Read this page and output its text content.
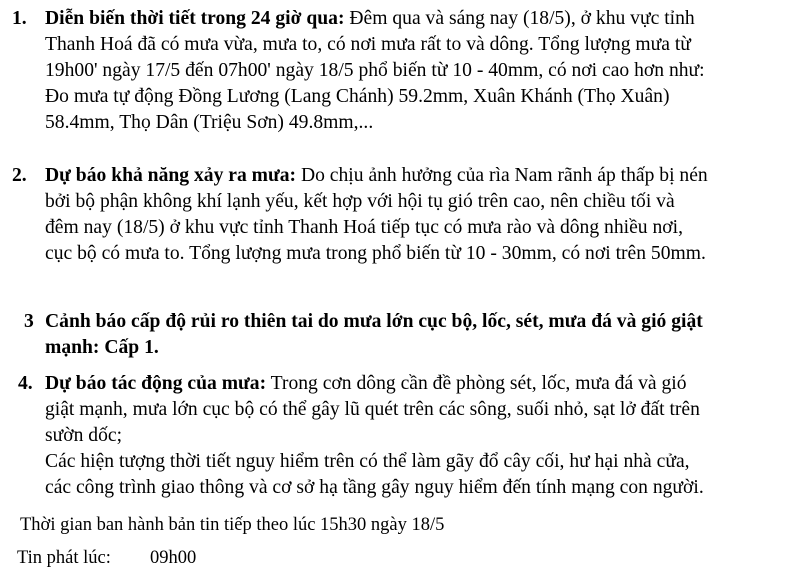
1. Diễn biến thời tiết trong 24 giờ qua: Đêm qua và sáng nay (18/5), ở khu vực tỉnh
Thanh Hoá đã có mưa vừa, mưa to, có nơi mưa rất to và dông. Tổng lượng mưa từ
19h00' ngày 17/5 đến 07h00' ngày 18/5 phổ biến từ 10 - 40mm, có nơi cao hơn như:
Đo mưa tự động Đồng Lương (Lang Chánh) 59.2mm, Xuân Khánh (Thọ Xuân)
58.4mm, Thọ Dân (Triệu Sơn) 49.8mm,...
2. Dự báo khả năng xảy ra mưa: Do chịu ảnh hưởng của rìa Nam rãnh áp thấp bị nén
bởi bộ phận không khí lạnh yếu, kết hợp với hội tụ gió trên cao, nên chiều tối và
đêm nay (18/5) ở khu vực tỉnh Thanh Hoá tiếp tục có mưa rào và dông nhiều nơi,
cục bộ có mưa to. Tổng lượng mưa trong phổ biến từ 10 - 30mm, có nơi trên 50mm.
3 Cảnh báo cấp độ rủi ro thiên tai do mưa lớn cục bộ, lốc, sét, mưa đá và gió giật
mạnh: Cấp 1.
4. Dự báo tác động của mưa: Trong cơn dông cần đề phòng sét, lốc, mưa đá và gió
giật mạnh, mưa lớn cục bộ có thể gây lũ quét trên các sông, suối nhỏ, sạt lở đất trên
sườn dốc;
Các hiện tượng thời tiết nguy hiểm trên có thể làm gãy đổ cây cối, hư hại nhà cửa,
các công trình giao thông và cơ sở hạ tầng gây nguy hiểm đến tính mạng con người.
Thời gian ban hành bản tin tiếp theo lúc 15h30 ngày 18/5
Tin phát lúc: 09h00
